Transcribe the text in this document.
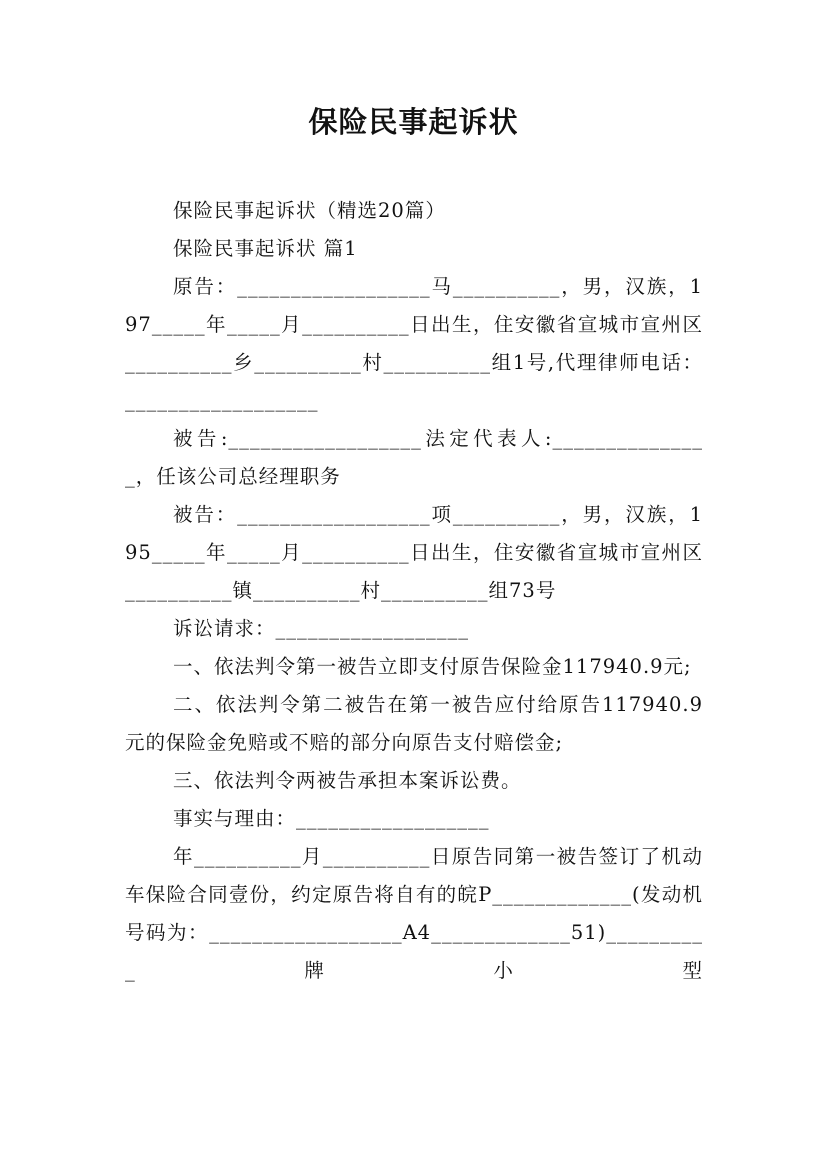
保险民事起诉状

保险民事起诉状（精选20篇）

保险民事起诉状 篇1

原告：__________________马__________，男，汉族，197_____年_____月__________日出生，住安徽省宣城市宣州区__________乡__________村__________组1号,代理律师电话：__________________

被告:__________________法定代表人:_______________，任该公司总经理职务

被告：__________________项__________，男，汉族，195_____年_____月__________日出生，住安徽省宣城市宣州区__________镇__________村__________组73号

诉讼请求：__________________

一、依法判令第一被告立即支付原告保险金117940.9元;

二、依法判令第二被告在第一被告应付给原告117940.9元的保险金免赔或不赔的部分向原告支付赔偿金;

三、依法判令两被告承担本案诉讼费。

事实与理由：__________________

年__________月__________日原告同第一被告签订了机动车保险合同壹份，约定原告将自有的皖P_____________(发动机号码为：__________________A4_____________51)__________牌小型
